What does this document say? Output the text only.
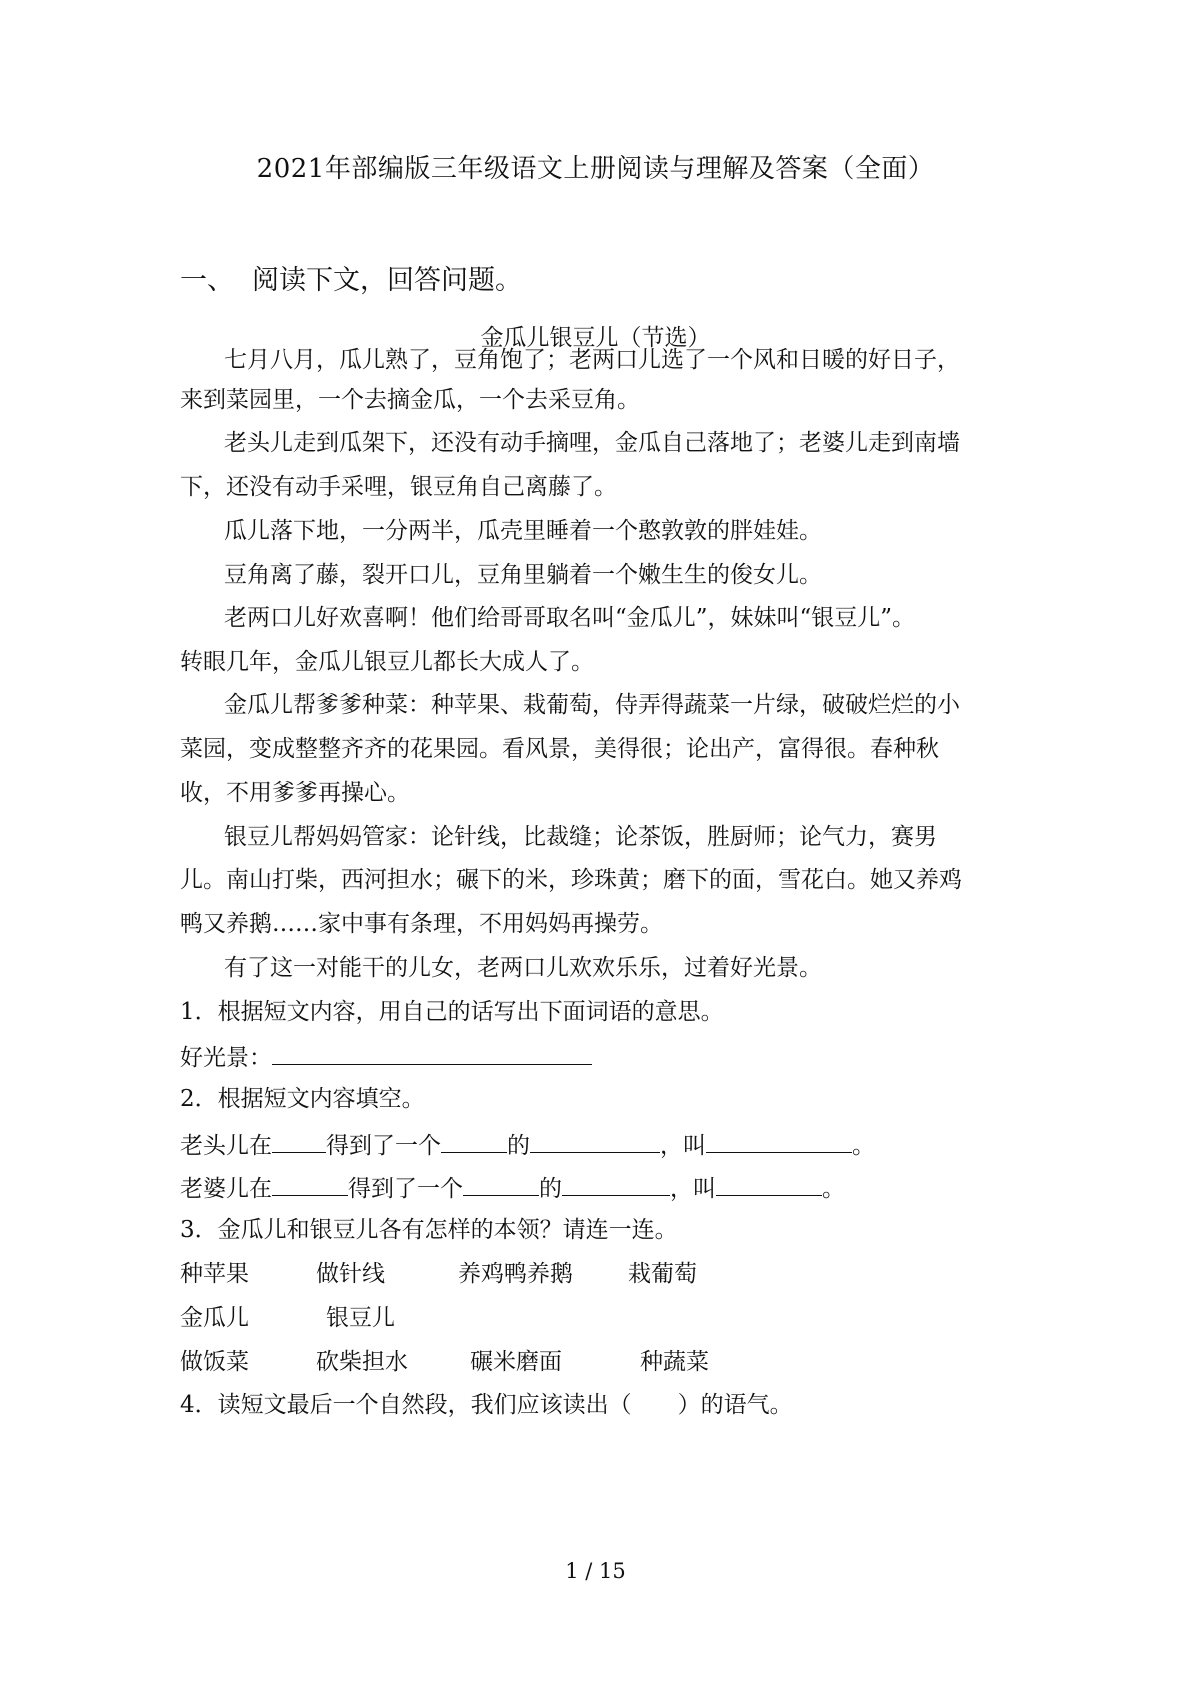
2021年部编版三年级语文上册阅读与理解及答案（全面）
一、 阅读下文，回答问题。
金瓜儿银豆儿（节选）
七月八月，瓜儿熟了，豆角饱了；老两口儿选了一个风和日暖的好日子，
来到菜园里，一个去摘金瓜，一个去采豆角。
老头儿走到瓜架下，还没有动手摘哩，金瓜自己落地了；老婆儿走到南墙
下，还没有动手采哩，银豆角自己离藤了。
瓜儿落下地，一分两半，瓜壳里睡着一个憨敦敦的胖娃娃。
豆角离了藤，裂开口儿，豆角里躺着一个嫩生生的俊女儿。
老两口儿好欢喜啊！他们给哥哥取名叫“金瓜儿”，妹妹叫“银豆儿”。
转眼几年，金瓜儿银豆儿都长大成人了。
金瓜儿帮爹爹种菜：种苹果、栽葡萄，侍弄得蔬菜一片绿，破破烂烂的小
菜园，变成整整齐齐的花果园。看风景，美得很；论出产，富得很。春种秋
收，不用爹爹再操心。
银豆儿帮妈妈管家：论针线，比裁缝；论茶饭，胜厨师；论气力，赛男
儿。南山打柴，西河担水；碾下的米，珍珠黄；磨下的面，雪花白。她又养鸡
鸭又养鹅……家中事有条理，不用妈妈再操劳。
有了这一对能干的儿女，老两口儿欢欢乐乐，过着好光景。
1．根据短文内容，用自己的话写出下面词语的意思。
好光景：
2．根据短文内容填空。
老头儿在 得到了一个	的	，叫	。
老婆儿在	得到了一个	的	，叫	。
3．金瓜儿和银豆儿各有怎样的本领？请连一连。
种苹果	做针线	养鸡鸭养鹅 栽葡萄
金瓜儿	银豆儿
做饭菜	砍柴担水	碾米磨面	种蔬菜
4．读短文最后一个自然段，我们应该读出（　　）的语气。
1 / 15
